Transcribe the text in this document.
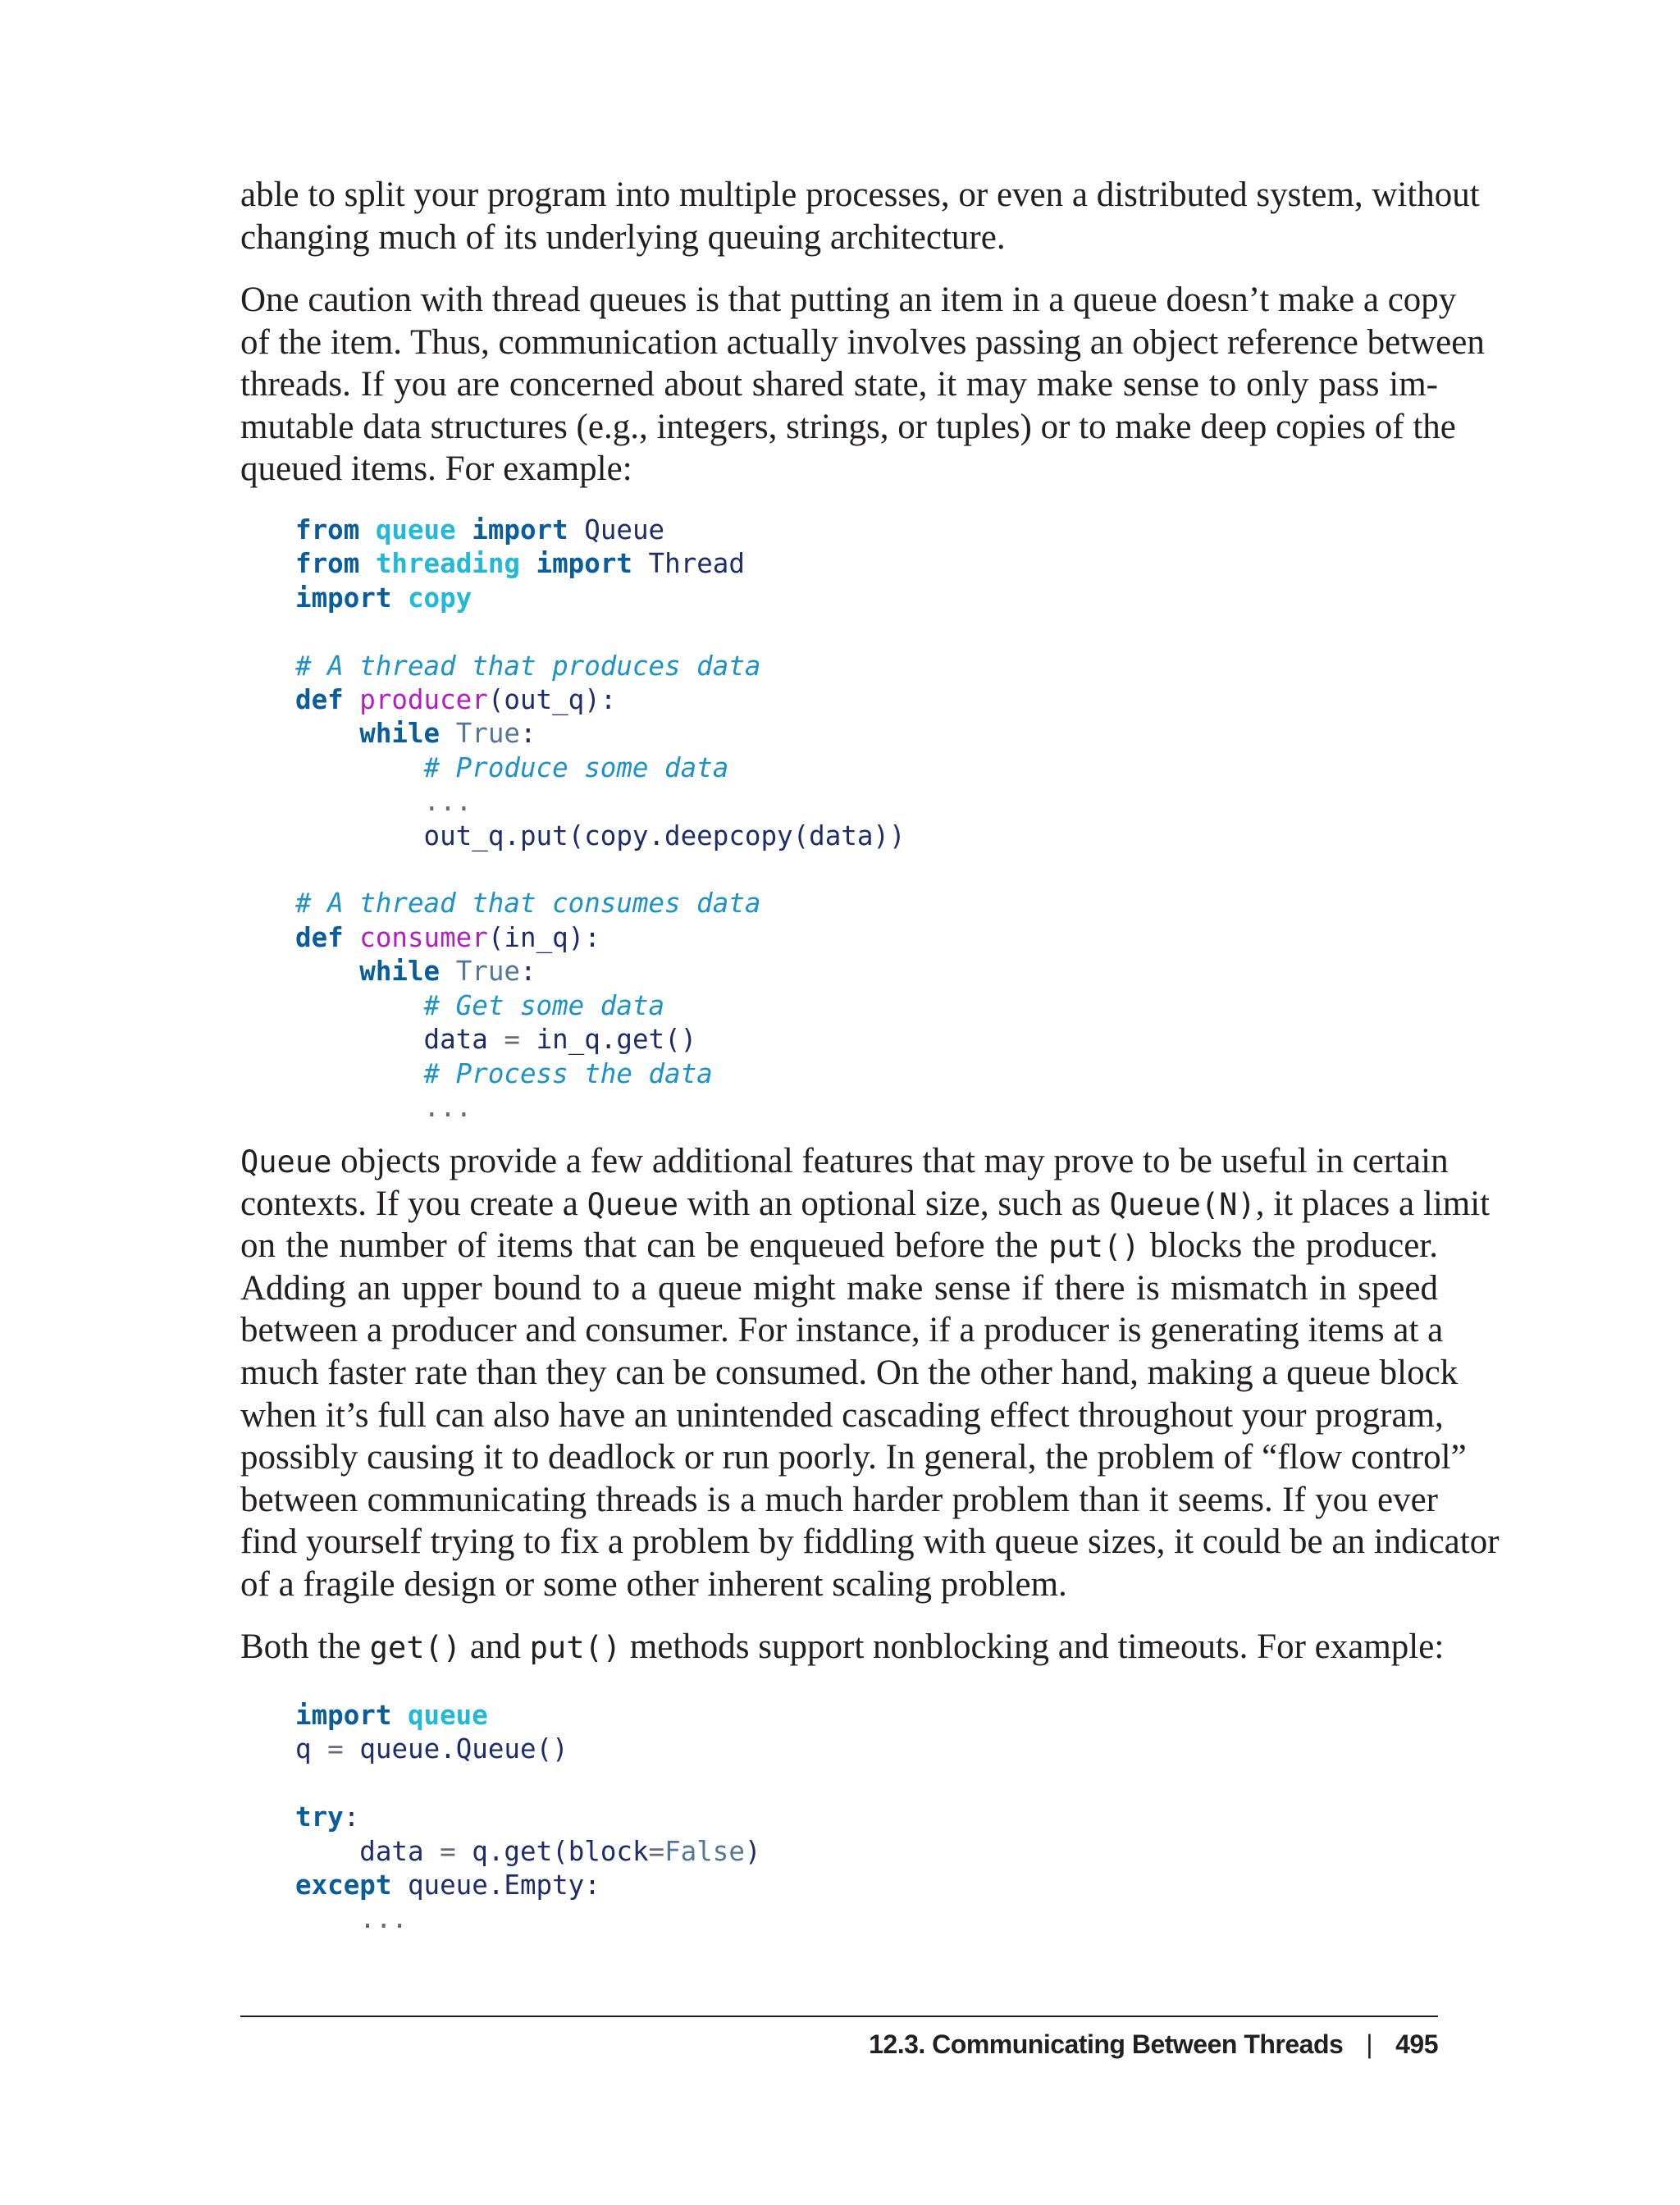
able to split your program into multiple processes, or even a distributed system, without
changing much of its underlying queuing architecture.

One caution with thread queues is that putting an item in a queue doesn’t make a copy
of the item. Thus, communication actually involves passing an object reference between
threads. If you are concerned about shared state, it may make sense to only pass im-
mutable data structures (e.g., integers, strings, or tuples) or to make deep copies of the
queued items. For example:

from queue import Queue
from threading import Thread
import copy

# A thread that produces data
def producer(out_q):
while True:
# Produce some data
...
out_q.put(copy.deepcopy(data))

# A thread that consumes data
def consumer(in_q):
while True:
# Get some data
data = in_q.get()
# Process the data
...

Queue objects provide a few additional features that may prove to be useful in certain
contexts. If you create a Queue with an optional size, such as Queue(N), it places a limit
on the number of items that can be enqueued before the put() blocks the producer.
Adding an upper bound to a queue might make sense if there is mismatch in speed
between a producer and consumer. For instance, if a producer is generating items at a
much faster rate than they can be consumed. On the other hand, making a queue block
when it’s full can also have an unintended cascading effect throughout your program,
possibly causing it to deadlock or run poorly. In general, the problem of “flow control”
between communicating threads is a much harder problem than it seems. If you ever
find yourself trying to fix a problem by fiddling with queue sizes, it could be an indicator
of a fragile design or some other inherent scaling problem.

Both the get() and put() methods support nonblocking and timeouts. For example:

import queue
q = queue.Queue()

try:
data = q.get(block=False)
except queue.Empty:
...
12.3. Communicating Between Threads | 495
